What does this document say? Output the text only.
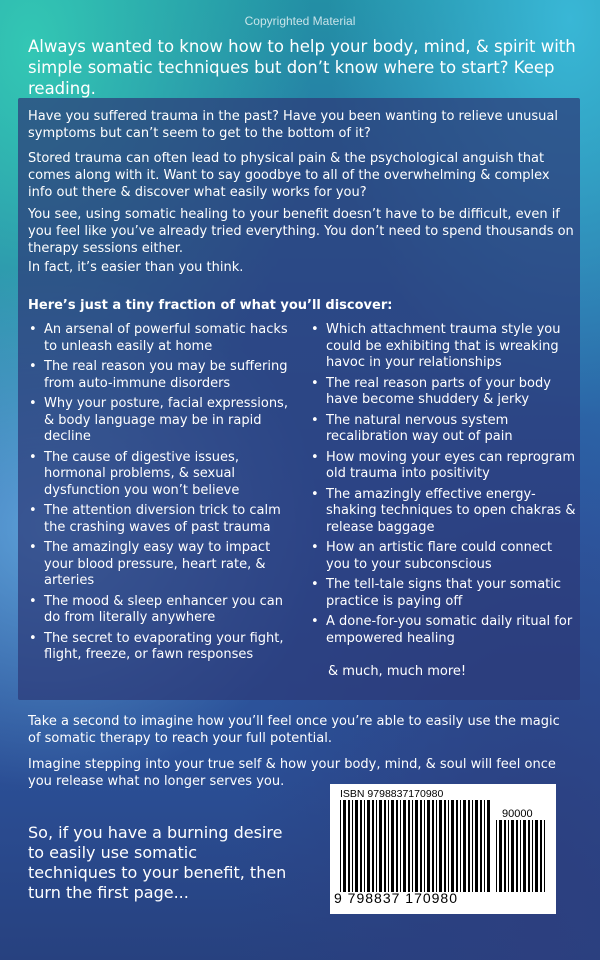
Copyrighted Material
Always wanted to know how to help your body, mind, & spirit with simple somatic techniques but don’t know where to start? Keep reading.

Have you suffered trauma in the past? Have you been wanting to relieve unusual symptoms but can’t seem to get to the bottom of it?

Stored trauma can often lead to physical pain & the psychological anguish that comes along with it. Want to say goodbye to all of the overwhelming & complex info out there & discover what easily works for you?

You see, using somatic healing to your benefit doesn’t have to be difficult, even if you feel like you’ve already tried everything. You don’t need to spend thousands on therapy sessions either.

In fact, it’s easier than you think.

Here’s just a tiny fraction of what you’ll discover:

• An arsenal of powerful somatic hacks to unleash easily at home
• The real reason you may be suffering from auto-immune disorders
• Why your posture, facial expressions, & body language may be in rapid decline
• The cause of digestive issues, hormonal problems, & sexual dysfunction you won’t believe
• The attention diversion trick to calm the crashing waves of past trauma
• The amazingly easy way to impact your blood pressure, heart rate, & arteries
• The mood & sleep enhancer you can do from literally anywhere
• The secret to evaporating your fight, flight, freeze, or fawn responses
• Which attachment trauma style you could be exhibiting that is wreaking havoc in your relationships
• The real reason parts of your body have become shuddery & jerky
• The natural nervous system recalibration way out of pain
• How moving your eyes can reprogram old trauma into positivity
• The amazingly effective energy-shaking techniques to open chakras & release baggage
• How an artistic flare could connect you to your subconscious
• The tell-tale signs that your somatic practice is paying off
• A done-for-you somatic daily ritual for empowered healing

& much, much more!

Take a second to imagine how you’ll feel once you’re able to easily use the magic of somatic therapy to reach your full potential.

Imagine stepping into your true self & how your body, mind, & soul will feel once you release what no longer serves you.

So, if you have a burning desire to easily use somatic techniques to your benefit, then turn the first page...

ISBN 9798837170980
90000
9 798837 170980
